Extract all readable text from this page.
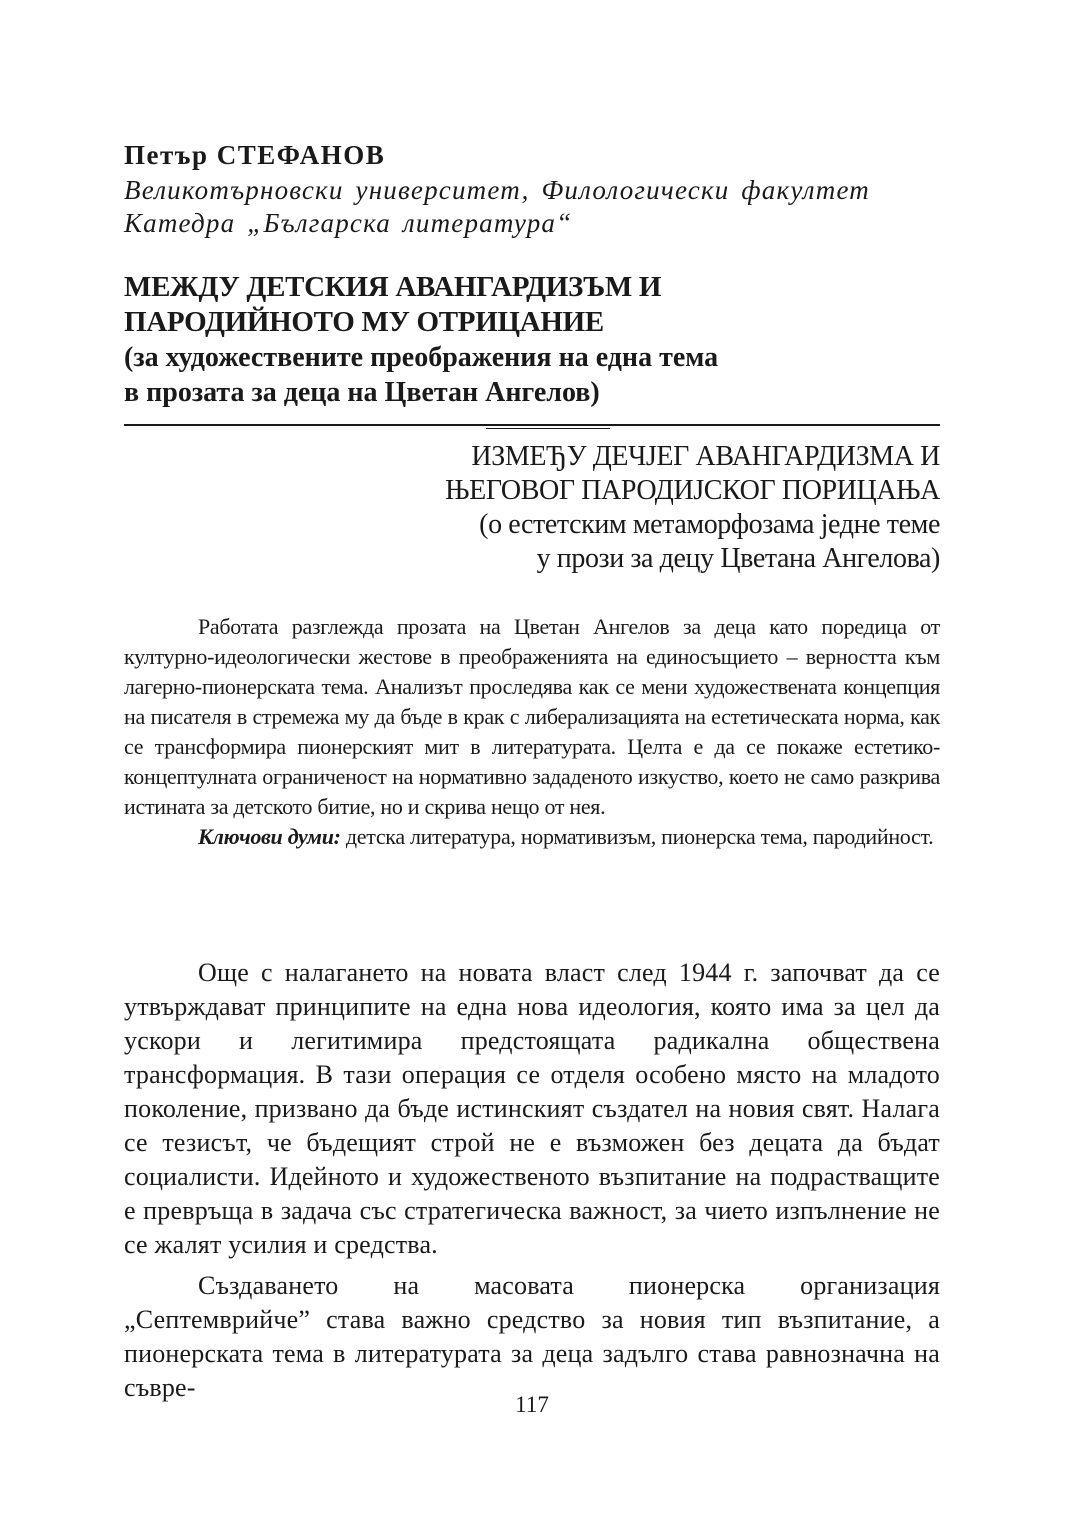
Петър СТЕФАНОВ
Великотърновски университет, Филологически факултет
Катедра „Българска литература“
МЕЖДУ ДЕТСКИЯ АВАНГАРДИЗЪМ И
ПАРОДИЙНОТО МУ ОТРИЦАНИЕ
(за художествените преображения на една тема
в прозата за деца на Цветан Ангелов)
ИЗМЕЂУ ДЕЧЈЕГ АВАНГАРДИЗМА И
ЊЕГОВОГ ПАРОДИЈСКОГ ПОРИЦАЊА
(о естетским метаморфозама једне теме
у прози за децу Цветана Ангелова)

Работата разглежда прозата на Цветан Ангелов за деца като поредица от културно-идеологически жестове в преображенията на единосъщието – верността към лагерно-пионерската тема. Анализът проследява как се мени художествената концепция на писателя в стремежа му да бъде в крак с либерализацията на естетическата норма, как се трансформира пионерският мит в литературата. Целта е да се покаже естетико-концептулната ограниченост на нормативно зададеното изкуство, което не само разкрива истината за детското битие, но и скрива нещо от нея.

Ключови думи: детска литература, нормативизъм, пионерска тема, пародийност.

Още с налагането на новата власт след 1944 г. започват да се утвърждават принципите на една нова идеология, която има за цел да ускори и легитимира предстоящата радикална обществена трансформация. В тази операция се отделя особено място на младото поколение, призвано да бъде истинският създател на новия свят. Налага се тезисът, че бъдещият строй не е възможен без децата да бъдат социалисти. Идейното и художественото възпитание на подрастващите е превръща в задача със стратегическа важност, за чието изпълнение не се жалят усилия и средства.

Създаването на масовата пионерска организация „Септемврийче” става важно средство за новия тип възпитание, а пионерската тема в литературата за деца задълго става равнозначна на съвре-

117
